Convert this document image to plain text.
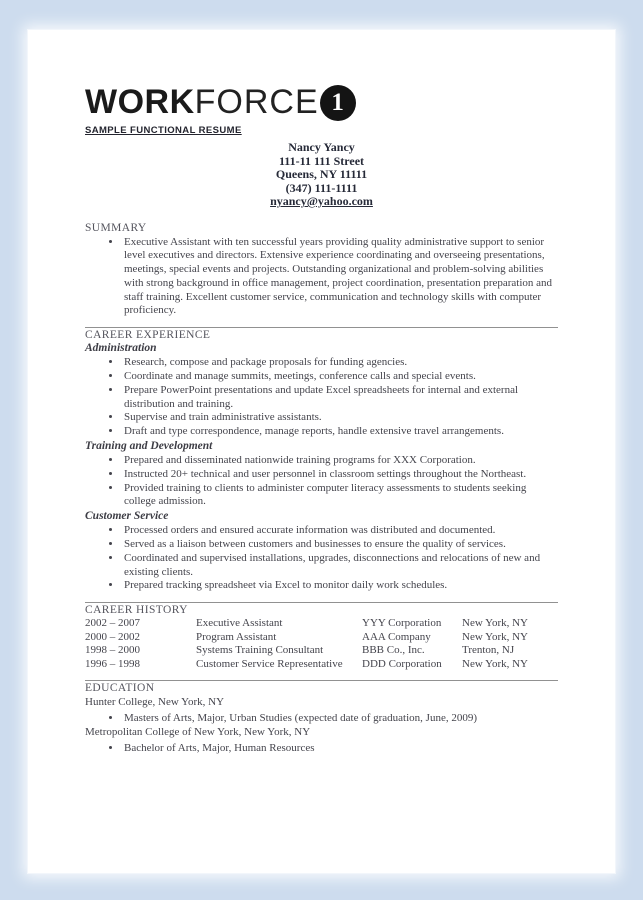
WORK FORCE 1
SAMPLE FUNCTIONAL RESUME
Nancy Yancy
111-11 111 Street
Queens, NY 11111
(347) 111-1111
nyancy@yahoo.com
SUMMARY
• Executive Assistant with ten successful years providing quality administrative support to senior level executives and directors. Extensive experience coordinating and overseeing presentations, meetings, special events and projects. Outstanding organizational and problem-solving abilities with strong background in office management, project coordination, presentation preparation and staff training. Excellent customer service, communication and technology skills with computer proficiency.
CAREER EXPERIENCE
Administration
• Research, compose and package proposals for funding agencies.
• Coordinate and manage summits, meetings, conference calls and special events.
• Prepare PowerPoint presentations and update Excel spreadsheets for internal and external distribution and training.
• Supervise and train administrative assistants.
• Draft and type correspondence, manage reports, handle extensive travel arrangements.
Training and Development
• Prepared and disseminated nationwide training programs for XXX Corporation.
• Instructed 20+ technical and user personnel in classroom settings throughout the Northeast.
• Provided training to clients to administer computer literacy assessments to students seeking college admission.
Customer Service
• Processed orders and ensured accurate information was distributed and documented.
• Served as a liaison between customers and businesses to ensure the quality of services.
• Coordinated and supervised installations, upgrades, disconnections and relocations of new and existing clients.
• Prepared tracking spreadsheet via Excel to monitor daily work schedules.
CAREER HISTORY
2002 – 2007	Executive Assistant	YYY Corporation	New York, NY
2000 – 2002	Program Assistant	AAA Company	New York, NY
1998 – 2000	Systems Training Consultant	BBB Co., Inc.	Trenton, NJ
1996 – 1998	Customer Service Representative	DDD Corporation	New York, NY
EDUCATION
Hunter College, New York, NY
• Masters of Arts, Major, Urban Studies (expected date of graduation, June, 2009)
Metropolitan College of New York, New York, NY
• Bachelor of Arts, Major, Human Resources
